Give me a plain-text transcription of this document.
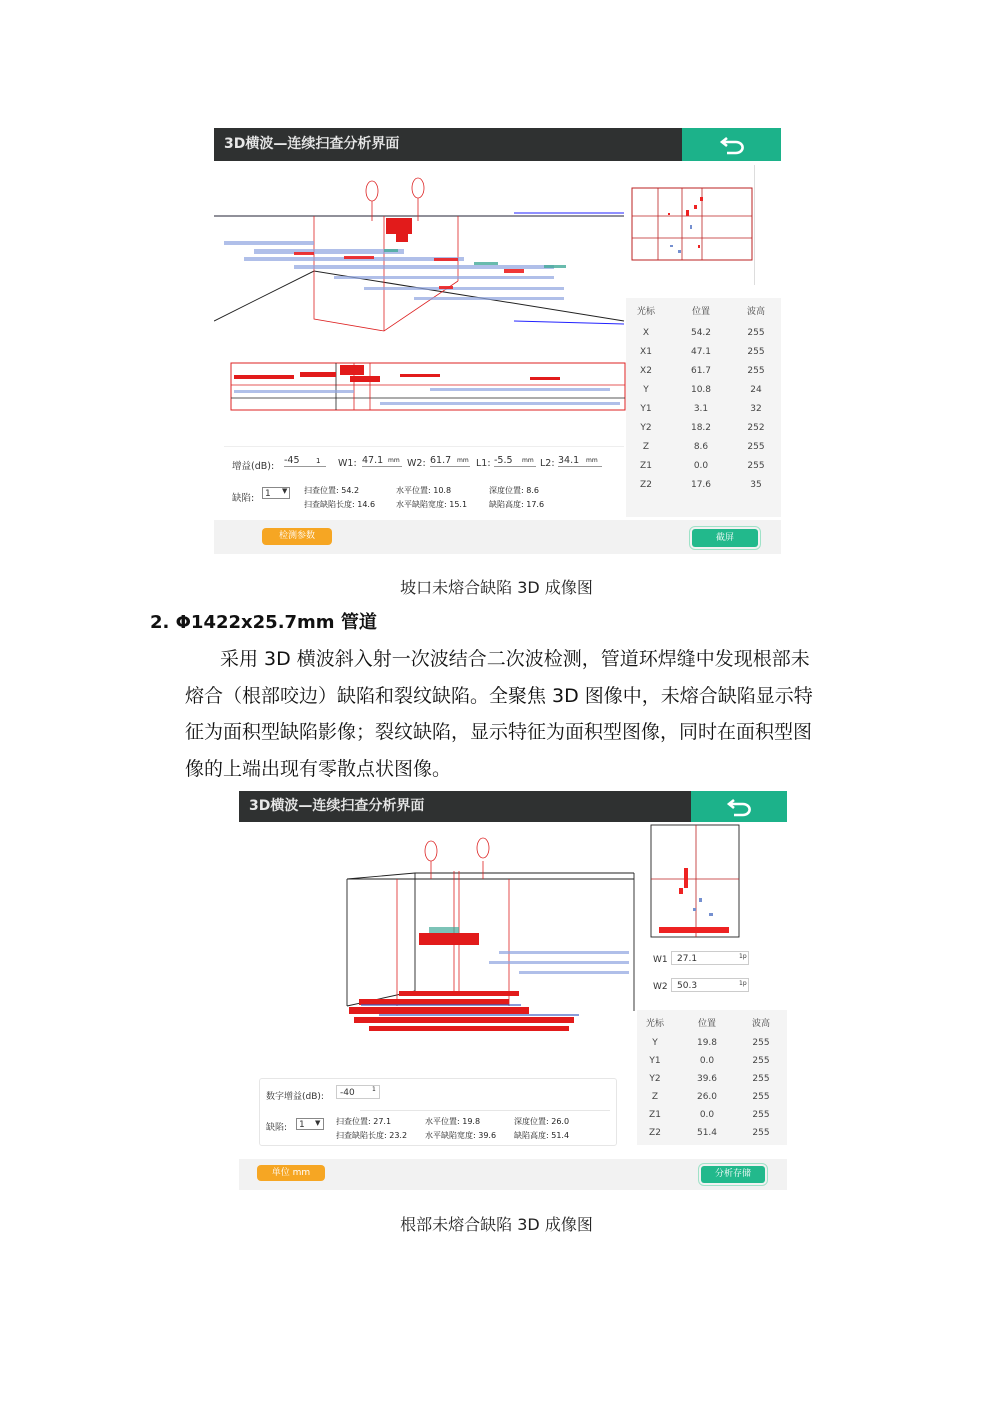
3D横波—连续扫查分析界面
光标	位置	波高
X	54.2	255
X1	47.1	255
X2	61.7	255
Y	10.8	24
Y1	3.1	32
Y2	18.2	252
Z	8.6	255
Z1	0.0	255
Z2	17.6	35
增益(dB):
-45	1 W1: 47.1 mm W2: 61.7 mm L1: -5.5	mm L2: 34.1	mm
缺陷:	1	▼ 扫查位置: 54.2
扫查缺陷长度: 14.6
水平位置: 10.8
水平缺陷宽度: 15.1
深度位置: 8.6
缺陷高度: 17.6
检测参数	截屏
坡口未熔合缺陷 3D 成像图
2. Φ1422x25.7mm 管道
采用 3D 横波斜入射一次波结合二次波检测，管道环焊缝中发现根部未
熔合（根部咬边）缺陷和裂纹缺陷。全聚焦 3D 图像中，未熔合缺陷显示特
征为面积型缺陷影像；裂纹缺陷，显示特征为面积型图像，同时在面积型图
像的上端出现有零散点状图像。
3D横波—连续扫查分析界面
W1	27.1	1p
W2	50.3	1p
光标	位置	波高
Y	19.8	255
Y1	0.0	255
Y2	39.6	255
Z	26.0	255
Z1	0.0	255
Z2	51.4	255
数字增益(dB):	-40	1
缺陷:	1	▼ 扫查位置: 27.1
扫查缺陷长度: 23.2
水平位置: 19.8
水平缺陷宽度: 39.6
深度位置: 26.0
缺陷高度: 51.4
单位 mm	分析存储
根部未熔合缺陷 3D 成像图
